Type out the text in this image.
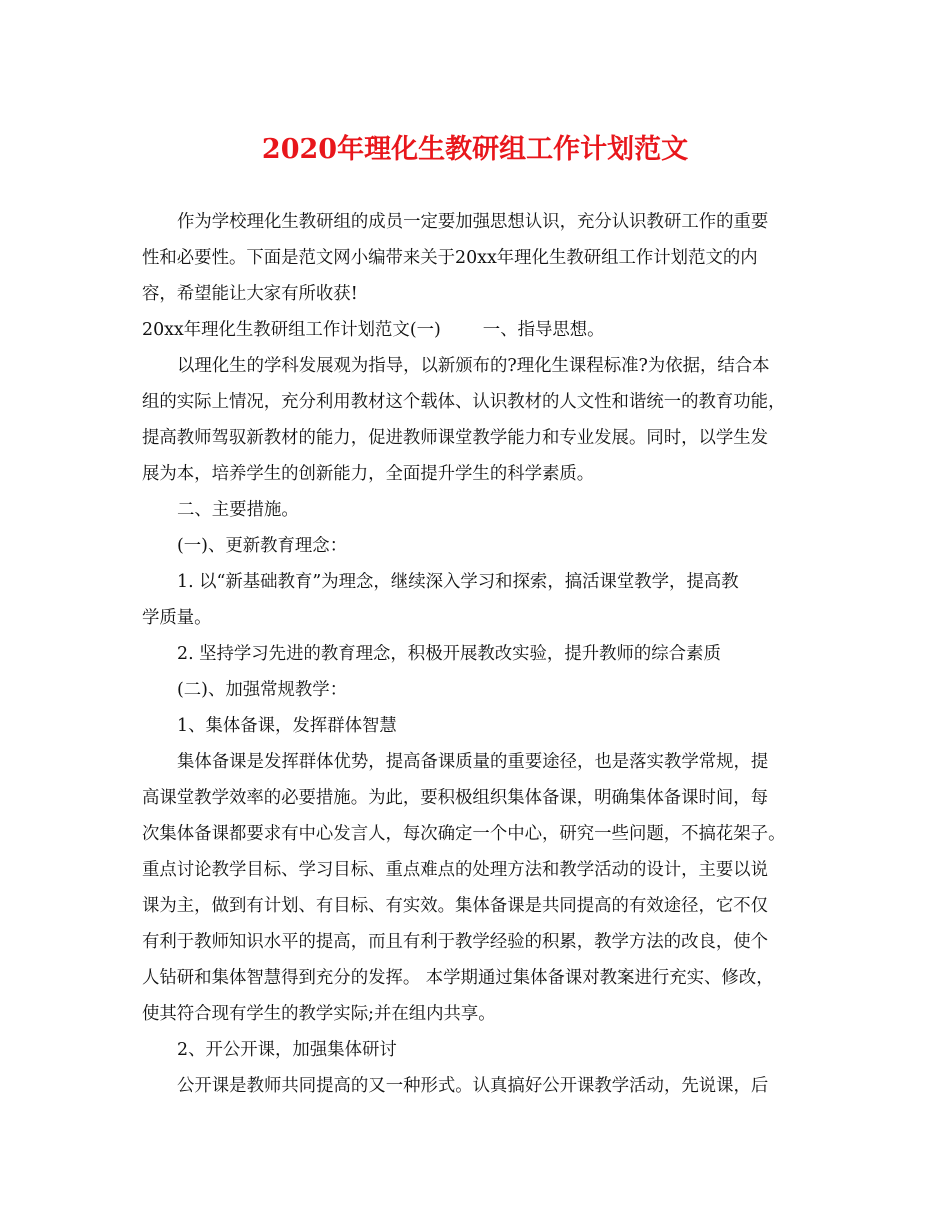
2020年理化生教研组工作计划范文
作为学校理化生教研组的成员一定要加强思想认识，充分认识教研工作的重要
性和必要性。下面是范文网小编带来关于20xx年理化生教研组工作计划范文的内
容，希望能让大家有所收获!
20xx年理化生教研组工作计划范文(一) 一、指导思想。
以理化生的学科发展观为指导，以新颁布的?理化生课程标准?为依据，结合本
组的实际上情况，充分利用教材这个载体、认识教材的人文性和谐统一的教育功能，
提高教师驾驭新教材的能力，促进教师课堂教学能力和专业发展。同时，以学生发
展为本，培养学生的创新能力，全面提升学生的科学素质。
二、主要措施。
(一)、更新教育理念：
1. 以“新基础教育”为理念，继续深入学习和探索，搞活课堂教学，提高教
学质量。
2. 坚持学习先进的教育理念，积极开展教改实验，提升教师的综合素质
(二)、加强常规教学：
1、集体备课，发挥群体智慧
集体备课是发挥群体优势，提高备课质量的重要途径，也是落实教学常规，提
高课堂教学效率的必要措施。为此，要积极组织集体备课，明确集体备课时间，每
次集体备课都要求有中心发言人，每次确定一个中心，研究一些问题，不搞花架子。
重点讨论教学目标、学习目标、重点难点的处理方法和教学活动的设计，主要以说
课为主，做到有计划、有目标、有实效。集体备课是共同提高的有效途径，它不仅
有利于教师知识水平的提高，而且有利于教学经验的积累，教学方法的改良，使个
人钻研和集体智慧得到充分的发挥。 本学期通过集体备课对教案进行充实、修改，
使其符合现有学生的教学实际;并在组内共享。
2、开公开课，加强集体研讨
公开课是教师共同提高的又一种形式。认真搞好公开课教学活动，先说课，后
